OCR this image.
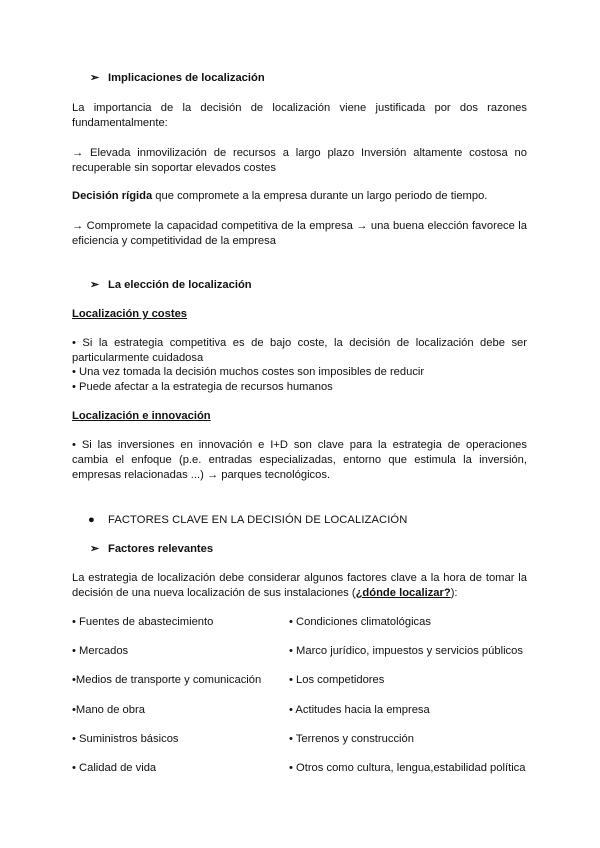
➢ Implicaciones de localización
La importancia de la decisión de localización viene justificada por dos razones fundamentalmente:
→ Elevada inmovilización de recursos a largo plazo Inversión altamente costosa no recuperable sin soportar elevados costes
Decisión rígida que compromete a la empresa durante un largo periodo de tiempo.
→ Compromete la capacidad competitiva de la empresa → una buena elección favorece la eficiencia y competitividad de la empresa
➢ La elección de localización
Localización y costes
• Si la estrategia competitiva es de bajo coste, la decisión de localización debe ser particularmente cuidadosa
• Una vez tomada la decisión muchos costes son imposibles de reducir
• Puede afectar a la estrategia de recursos humanos
Localización e innovación
• Si las inversiones en innovación e I+D son clave para la estrategia de operaciones cambia el enfoque (p.e. entradas especializadas, entorno que estimula la inversión, empresas relacionadas ...) → parques tecnológicos.
● FACTORES CLAVE EN LA DECISIÓN DE LOCALIZACIÓN
➢ Factores relevantes
La estrategia de localización debe considerar algunos factores clave a la hora de tomar la decisión de una nueva localización de sus instalaciones (¿dónde localizar?):
• Fuentes de abastecimiento
• Mercados
•Medios de transporte y comunicación
•Mano de obra
• Suministros básicos
• Calidad de vida
• Condiciones climatológicas
• Marco jurídico, impuestos y servicios públicos
• Los competidores
• Actitudes hacia la empresa
• Terrenos y construcción
• Otros como cultura, lengua,estabilidad política
